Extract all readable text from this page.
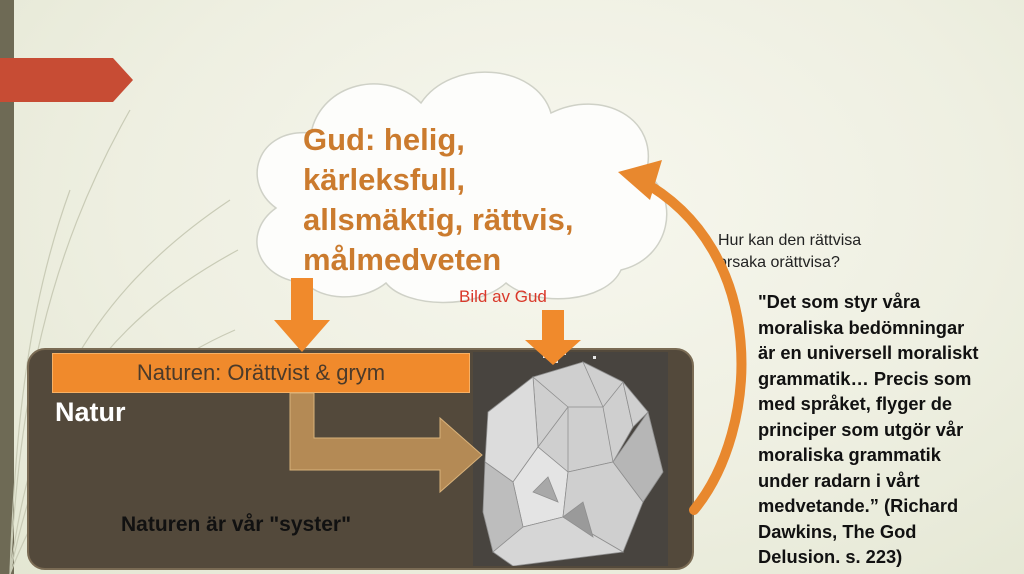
Gud: helig,
kärleksfull,
allsmäktig, rättvis,
målmedveten
Bild av Gud
Hur kan den rättvisa
orsaka orättvisa?
"Det som styr våra
moraliska bedömningar
är en universell moraliskt
grammatik… Precis som
med språket, flyger de
principer som utgör vår
moraliska grammatik
under radarn i vårt
medvetande.” (Richard
Dawkins, The God
Delusion. s. 223)
Naturen: Orättvist & grym
Natur
Naturen är vår "syster"
